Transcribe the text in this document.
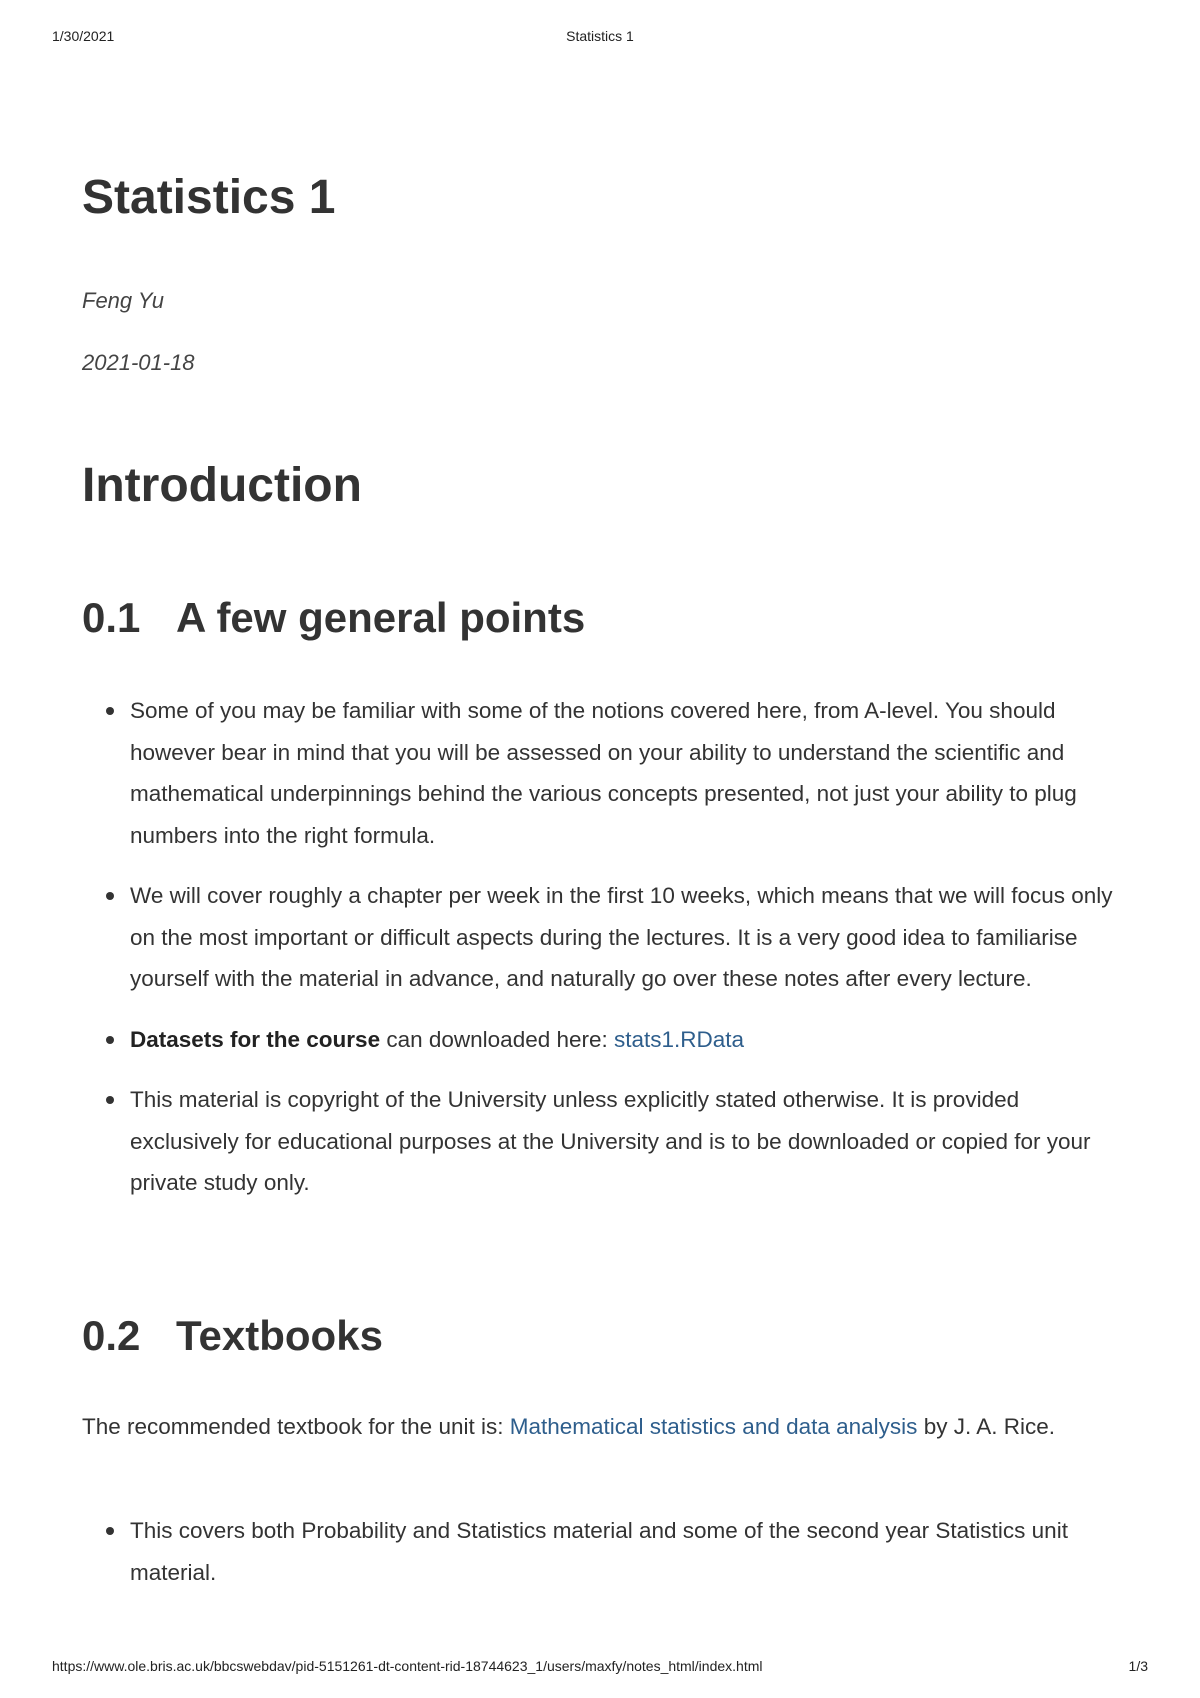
1/30/2021	Statistics 1
Statistics 1
Feng Yu
2021-01-18
Introduction
0.1 A few general points
Some of you may be familiar with some of the notions covered here, from A-level. You should however bear in mind that you will be assessed on your ability to understand the scientific and mathematical underpinnings behind the various concepts presented, not just your ability to plug numbers into the right formula.
We will cover roughly a chapter per week in the first 10 weeks, which means that we will focus only on the most important or difficult aspects during the lectures. It is a very good idea to familiarise yourself with the material in advance, and naturally go over these notes after every lecture.
Datasets for the course can downloaded here: stats1.RData
This material is copyright of the University unless explicitly stated otherwise. It is provided exclusively for educational purposes at the University and is to be downloaded or copied for your private study only.
0.2 Textbooks

The recommended textbook for the unit is: Mathematical statistics and data analysis by J. A. Rice.

This covers both Probability and Statistics material and some of the second year Statistics unit material.
https://www.ole.bris.ac.uk/bbcswebdav/pid-5151261-dt-content-rid-18744623_1/users/maxfy/notes_html/index.html	1/3
